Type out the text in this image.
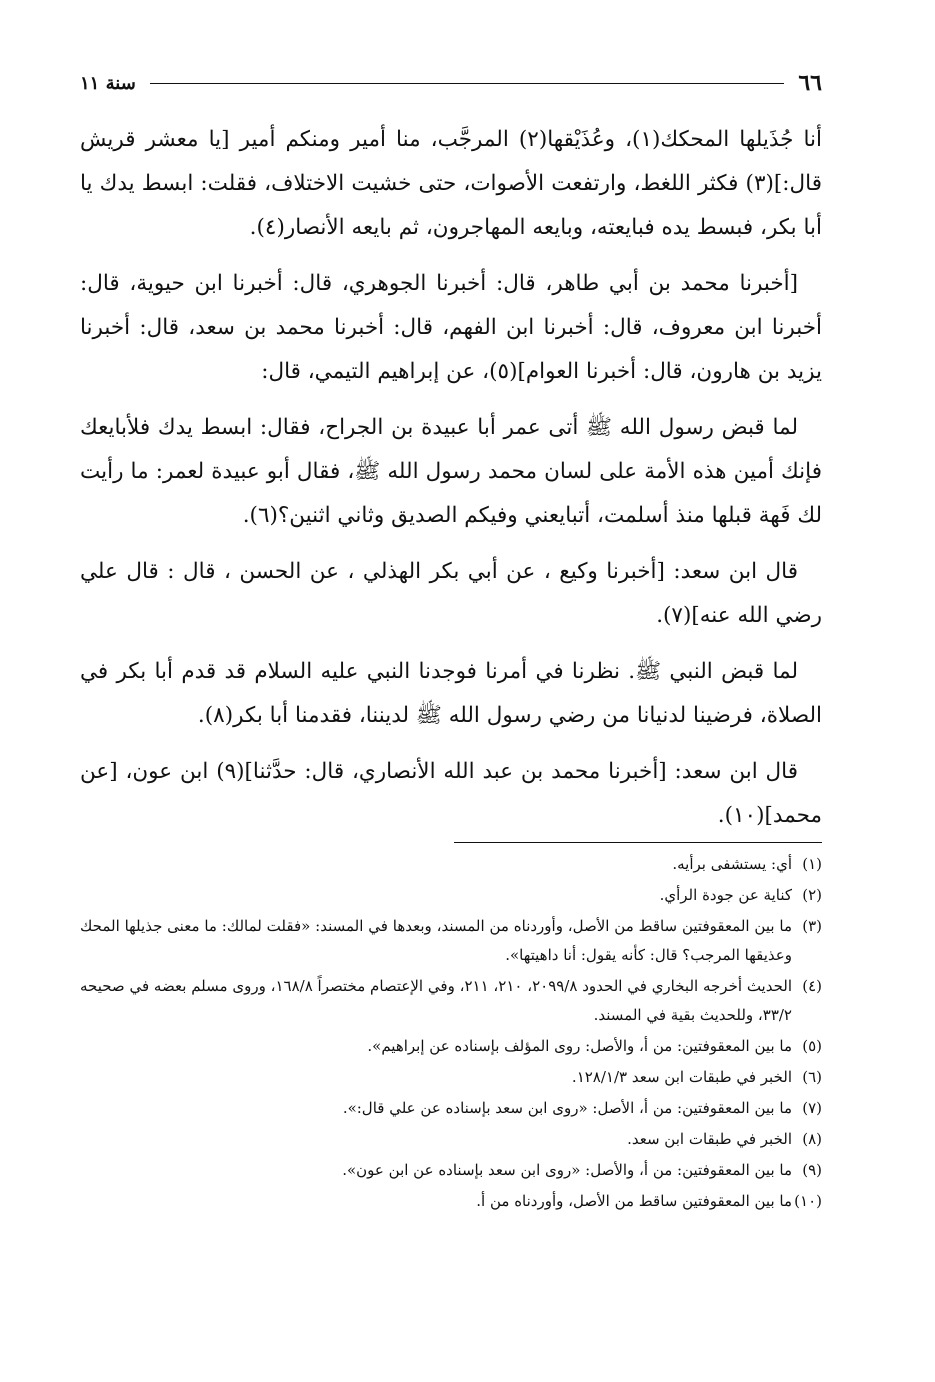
٦٦
سنة ١١

أنا جُذَيلها المحكك(١)، وعُذَيْقها(٢) المرجَّب، منا أمير ومنكم أمير [يا معشر قريش قال:](٣) فكثر اللغط، وارتفعت الأصوات، حتى خشيت الاختلاف، فقلت: ابسط يدك يا أبا بكر، فبسط يده فبايعته، وبايعه المهاجرون، ثم بايعه الأنصار(٤).

[أخبرنا محمد بن أبي طاهر، قال: أخبرنا الجوهري، قال: أخبرنا ابن حيوية، قال: أخبرنا ابن معروف، قال: أخبرنا ابن الفهم، قال: أخبرنا محمد بن سعد، قال: أخبرنا يزيد بن هارون، قال: أخبرنا العوام](٥)، عن إبراهيم التيمي، قال:

لما قبض رسول الله ﷺ أتى عمر أبا عبيدة بن الجراح، فقال: ابسط يدك فلأبايعك فإنك أمين هذه الأمة على لسان محمد رسول الله ﷺ، فقال أبو عبيدة لعمر: ما رأيت لك فَهة قبلها منذ أسلمت، أتبايعني وفيكم الصديق وثاني اثنين؟(٦).

قال ابن سعد: [أخبرنا وكيع ، عن أبي بكر الهذلي ، عن الحسن ، قال : قال علي رضي الله عنه](٧).

لما قبض النبي ﷺ. نظرنا في أمرنا فوجدنا النبي عليه السلام قد قدم أبا بكر في الصلاة، فرضينا لدنيانا من رضي رسول الله ﷺ لديننا، فقدمنا أبا بكر(٨).

قال ابن سعد: [أخبرنا محمد بن عبد الله الأنصاري، قال: حدَّثنا](٩) ابن عون، [عن محمد](١٠).

(١)أي: يستشفى برأيه.

(٢)كناية عن جودة الرأي.

(٣)ما بين المعقوفتين ساقط من الأصل، وأوردناه من المسند، وبعدها في المسند: «فقلت لمالك: ما معنى جذيلها المحك وعذيقها المرجب؟ قال: كأنه يقول: أنا داهيتها».

(٤)الحديث أخرجه البخاري في الحدود ٢٠٩٩/٨، ٢١٠، ٢١١، وفي الإعتصام مختصراً ١٦٨/٨، وروى مسلم بعضه في صحيحه ٣٣/٢، وللحديث بقية في المسند.

(٥)ما بين المعقوفتين: من أ، والأصل: روى المؤلف بإسناده عن إبراهيم».

(٦)الخبر في طبقات ابن سعد ١٢٨/١/٣.

(٧)ما بين المعقوفتين: من أ، الأصل: «روى ابن سعد بإسناده عن علي قال:».

(٨)الخبر في طبقات ابن سعد.

(٩)ما بين المعقوفتين: من أ، والأصل: «روى ابن سعد بإسناده عن ابن عون».

(١٠)ما بين المعقوفتين ساقط من الأصل، وأوردناه من أ.
